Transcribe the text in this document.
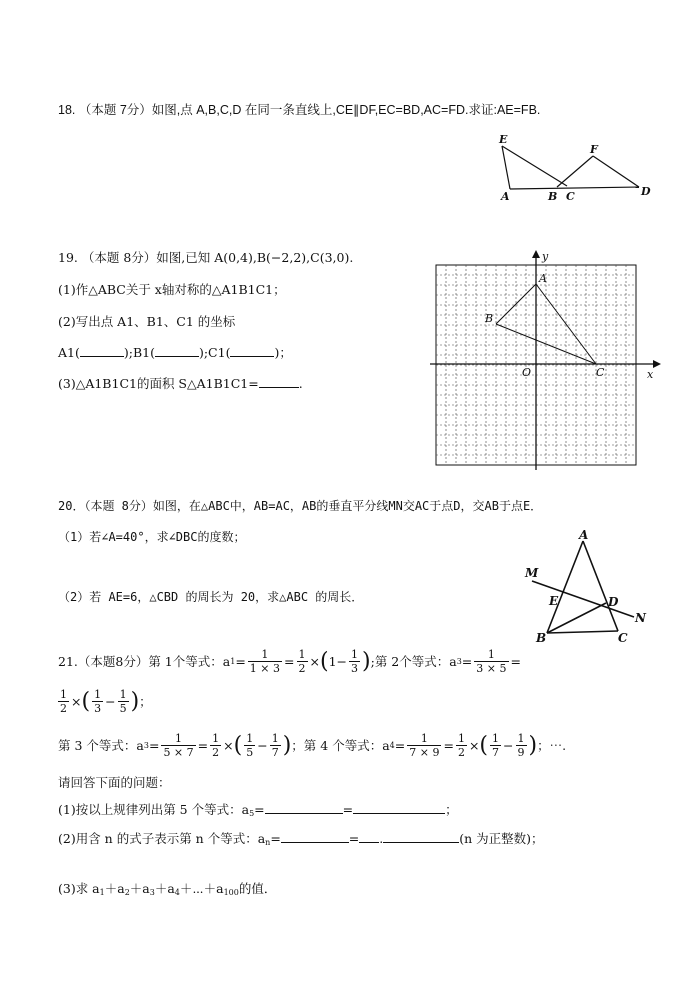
18. （本题 7分）如图,点 A,B,C,D 在同一条直线上,CE∥DF,EC=BD,AC=FD.求证:AE=FB.
E
F
A	B C	D
19. （本题 8分）如图,已知 A(0,4),B(−2,2),C(3,0).
(1)作△ABC关于 x轴对称的△A1B1C1；
(2)写出点 A1、B1、C1 的坐标
A1(	);B1(	);C1(	)；
(3)△A1B1C1的面积 S△A1B1C1=	.
y
x
A
B
C
O
20．（本题 8分）如图，在△ABC中，AB=AC，AB的垂直平分线MN交AC于点D，交AB于点E．
（1）若∠A=40°，求∠DBC的度数；
（2）若 AE=6，△CBD 的周长为 20，求△ABC 的周长．
A
M
E	D
N
B	C
21.（本题8分）第 1个等式：a $1 = \frac{1}{1 \times 3} = \frac{1}{2}$ × ( $1- \frac{1}{3}$ ) ;第 2个等式：a $3 = \frac{1}{3 \times 5}$ =
$\frac{1}{2}$ × ( $\frac{1}{3} - \frac{1}{5}$ ) ；
第 3 个等式：a $3 = \frac{1}{5 \times 7} = \frac{1}{2}$ × ( $\frac{1}{5} - \frac{1}{7}$ ) ；第 4 个等式：a $4 = \frac{1}{7 \times 9} = \frac{1}{2}$ × ( $\frac{1}{7} - \frac{1}{9}$ ) ；⋯.
请回答下面的问题：
(1)按以上规律列出第 5 个等式：$a_5=$	=	；
(2)用含 n 的式子表示第 n 个等式：$a_n=$	= .	(n 为正整数)；
(3)求 $a_1+a_2+a_3+a_4+\cdots+a_{100}$的值．
